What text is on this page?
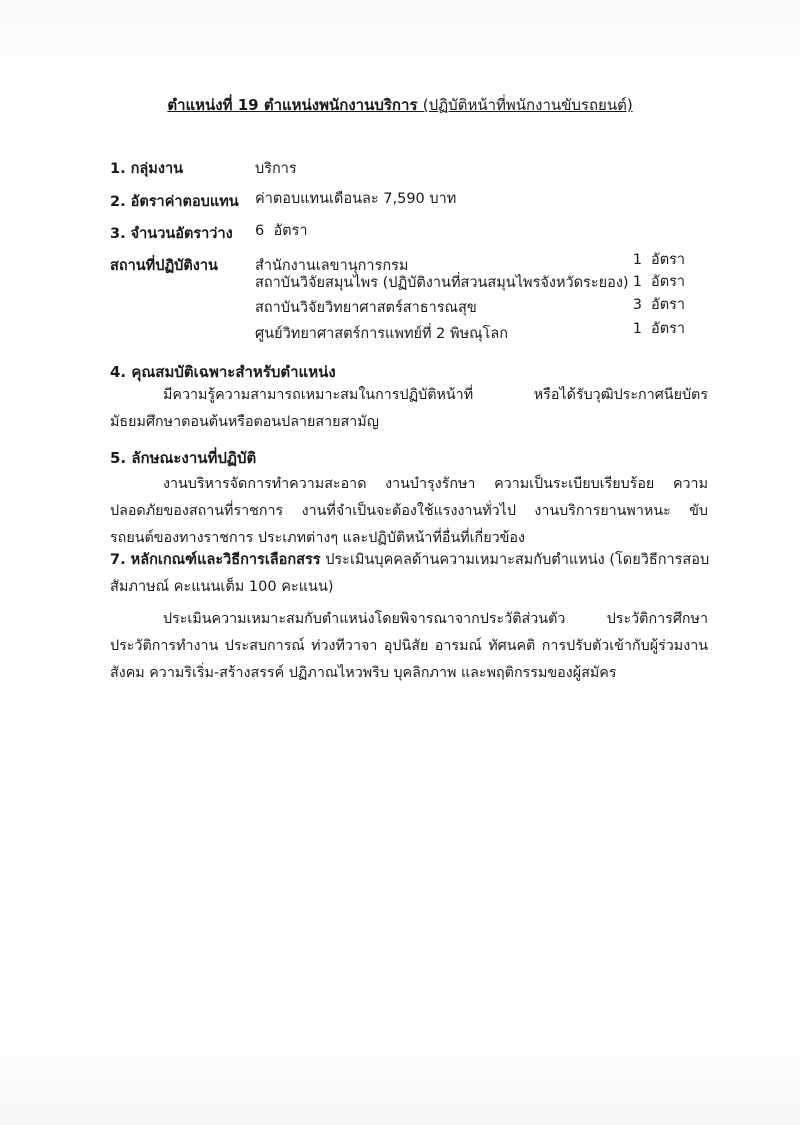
ตำแหน่งที่ 19 ตำแหน่งพนักงานบริการ (ปฏิบัติหน้าที่พนักงานขับรถยนต์)
1. กลุ่มงาน	บริการ
2. อัตราค่าตอบแทน ค่าตอบแทนเดือนละ 7,590 บาท
3. จำนวนอัตราว่าง 6  อัตรา
สถานที่ปฏิบัติงาน	สำนักงานเลขานุการกรม	1 อัตรา
สถาบันวิจัยสมุนไพร (ปฏิบัติงานที่สวนสมุนไพรจังหวัดระยอง) 1 อัตรา
สถาบันวิจัยวิทยาศาสตร์สาธารณสุข	3 อัตรา
ศูนย์วิทยาศาสตร์การแพทย์ที่ 2 พิษณุโลก	1 อัตรา
4. คุณสมบัติเฉพาะสำหรับตำแหน่ง
มีความรู้ความสามารถเหมาะสมในการปฏิบัติหน้าที่ หรือได้รับวุฒิประกาศนียบัตรมัธยมศึกษาตอนต้นหรือตอนปลายสายสามัญ
5. ลักษณะงานที่ปฏิบัติ
งานบริหารจัดการทำความสะอาด งานบำรุงรักษา ความเป็นระเบียบเรียบร้อย ความปลอดภัยของสถานที่ราชการ งานที่จำเป็นจะต้องใช้แรงงานทั่วไป งานบริการยานพาหนะ ขับรถยนต์ของทางราชการ ประเภทต่างๆ และปฏิบัติหน้าที่อื่นที่เกี่ยวข้อง
7. หลักเกณฑ์และวิธีการเลือกสรร ประเมินบุคคลด้านความเหมาะสมกับตำแหน่ง (โดยวิธีการสอบสัมภาษณ์ คะแนนเต็ม 100 คะแนน)
ประเมินความเหมาะสมกับตำแหน่งโดยพิจารณาจากประวัติส่วนตัว ประวัติการศึกษา ประวัติการทำงาน ประสบการณ์ ท่วงทีวาจา อุปนิสัย อารมณ์ ทัศนคติ การปรับตัวเข้ากับผู้ร่วมงาน สังคม ความริเริ่ม-สร้างสรรค์ ปฏิภาณไหวพริบ บุคลิกภาพ และพฤติกรรมของผู้สมัคร
